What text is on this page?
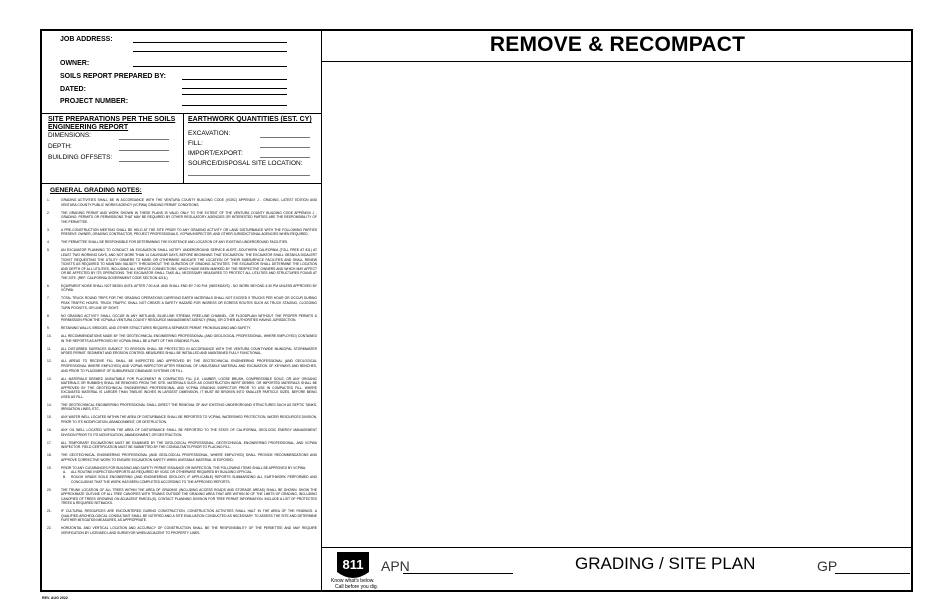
JOB ADDRESS:
OWNER:
SOILS REPORT PREPARED BY:
DATED:
PROJECT NUMBER:
SITE PREPARATIONS PER THE SOILS
ENGINEERING REPORT
DIMENSIONS:
DEPTH:
BUILDING OFFSETS:
EARTHWORK QUANTITIES (EST. CY)
EXCAVATION:
FILL:
IMPORT/EXPORT:
SOURCE/DISPOSAL SITE LOCATION:
REMOVE & RECOMPACT
GENERAL GRADING NOTES:
1.	GRADING ACTIVITIES SHALL BE IN ACCORDANCE WITH THE VENTURA COUNTY BUILDING CODE (VCBC) APPENDIX J - GRADING, LATEST EDITION AND VENTURA COUNTY PUBLIC WORKS AGENCY (VCPWA) GRADING PERMIT CONDITIONS.
2.	THE GRADING PERMIT AND WORK SHOWN IN THESE PLANS IS VALID ONLY TO THE EXTENT OF THE VENTURA COUNTY BUILDING CODE APPENDIX J - GRADING. PERMITS OR PERMISSIONS THAT MAY BE REQUIRED BY OTHER REGULATORY AGENCIES OR INTERESTED PARTIES ARE THE RESPONSIBILITY OF THE PERMITTEE.
3.	A PRE-CONSTRUCTION MEETING SHALL BE HELD AT THE SITE PRIOR TO ANY GRADING ACTIVITY OR LAND DISTURBANCE WITH THE FOLLOWING PARTIES PRESENT: OWNER, GRADING CONTRACTOR, PROJECT PROFESSIONALS, VCPWA INSPECTOR, AND OTHER JURISDICTIONAL AGENCIES WHEN REQUIRED.
4.	THE PERMITTEE SHALL BE RESPONSIBLE FOR DETERMINING THE EXISTENCE AND LOCATION OF ANY EXISTING UNDERGROUND FACILITIES.
5.	AN EXCAVATOR PLANNING TO CONDUCT AN EXCAVATION SHALL NOTIFY UNDERGROUND SERVICE ALERT--SOUTHERN CALIFORNIA (TOLL FREE AT 811) AT LEAST TWO WORKING DAYS, AND NOT MORE THAN 14 CALENDAR DAYS, BEFORE BEGINNING THAT EXCAVATION. THE EXCAVATOR SHALL OBTAIN A DIGALERT TICKET REQUESTING THE UTILITY OWNERS TO MARK OR OTHERWISE INDICATE THE LOCATION OF THEIR SUBSURFACE FACILITIES AND SHALL RENEW TICKETS AS REQUIRED TO MAINTAIN VALIDITY THROUGHOUT THE DURATION OF GRADING ACTIVITIES. THE EXCAVATOR SHALL DETERMINE THE LOCATION AND DEPTH OF ALL UTILITIES, INCLUDING ALL SERVICE CONNECTIONS, WHICH HAVE BEEN MARKED BY THE RESPECTIVE OWNERS AND WHICH MAY AFFECT OR BE AFFECTED BY ITS OPERATIONS. THE EXCAVATOR SHALL TAKE ALL NECESSARY MEASURES TO PROTECT ALL UTILITIES AND STRUCTURES FOUND AT THE SITE. (REF: CALIFORNIA GOVERNMENT CODE SECTION 4216.)
6.	EQUIPMENT NOISE SHALL NOT BEGIN UNTIL AFTER 7:00 A.M. AND SHALL END BY 7:00 P.M. (WEEKDAYS) - NO WORK BEYOND 4:30 PM UNLESS APPROVED BY VCPWA.
7.	TOTAL TRUCK ROUND TRIPS FOR THE GRADING OPERATIONS CARRYING EARTH MATERIALS SHALL NOT EXCEED 5 TRUCKS PER HOUR OR OCCUR DURING PEAK TRAFFIC HOURS. TRUCK TRAFFIC SHALL NOT CREATE A SAFETY HAZARD FOR INGRESS OR EGRESS ROUTES SUCH AS TRUCK STAGING, CLOGGING TURN POCKETS, OR LINE OF SIGHT.
8.	NO GRADING ACTIVITY SHALL OCCUR IN ANY WETLAND, BLUE-LINE STREAM, FREE-LINE CHANNEL, OR FLOODPLAIN WITHOUT THE PROPER PERMITS & PERMISSION FROM THE VCPWA & VENTURA COUNTY RESOURCE MANAGEMENT AGENCY (RMA), OR OTHER AUTHORITIES HAVING JURISDICTION.
9.	RETAINING WALLS, BRIDGES, AND OTHER STRUCTURES REQUIRE A SEPARATE PERMIT FROM BUILDING AND SAFETY.
10.	ALL RECOMMENDATIONS MADE BY THE GEOTECHNICAL ENGINEERING PROFESSIONAL (AND GEOLOGICAL PROFESSIONAL, WHERE EMPLOYED) CONTAINED IN THE REPORTS AS APPROVED BY VCPWA SHALL BE A PART OF THIS GRADING PLAN.
11.	ALL DISTURBED SURFACES SUBJECT TO EROSION SHALL BE PROTECTED IN ACCORDANCE WITH THE VENTURA COUNTYWIDE MUNICIPAL STORMWATER NPDES PERMIT. SEDIMENT AND EROSION CONTROL MEASURES SHALL BE INSTALLED AND MAINTAINED FULLY FUNCTIONAL.
12.	ALL AREAS TO RECEIVE FILL SHALL BE INSPECTED AND APPROVED BY THE GEOTECHNICAL ENGINEERING PROFESSIONAL (AND GEOLOGICAL PROFESSIONAL WHERE EMPLOYED) AND VCPWA INSPECTOR AFTER REMOVAL OF UNSUITABLE MATERIAL AND EXCAVATION OF KEYWAYS AND BENCHES, AND PRIOR TO PLACEMENT OF SUBSURFACE DRAINAGE SYSTEMS OR FILL.
13.	ALL MATERIALS DEEMED UNSUITABLE FOR PLACEMENT IN COMPACTED FILL (I.E. LUMBER, LOOSE BRUSH, COMPRESSIBLE SOILS, OR ANY ORGANIC MATERIALS OR RUBBISH) SHALL BE REMOVED FROM THE SITE. MATERIALS SUCH AS CONSTRUCTION INERT DEBRIS, OR IMPORTED MATERIALS SHALL BE APPROVED BY THE GEOTECHNICAL ENGINEERING PROFESSIONAL AND VCPWA GRADING INSPECTOR PRIOR TO USE IN COMPACTED FILL. WHERE EXCAVATED MATERIAL IS LARGER THAN TWELVE INCHES IN LARGEST DIMENSION, IT MUST BE BROKEN INTO SMALLER PARTICLE SIZES, BEFORE BEING USED AS FILL.
14.	THE GEOTECHNICAL ENGINEERING PROFESSIONAL SHALL DIRECT THE REMOVAL OF ANY EXISTING UNDERGROUND STRUCTURES SUCH AS SEPTIC TANKS, IRRIGATION LINES, ETC.
15.	ANY WATER WELL LOCATED WITHIN THE AREA OF DISTURBANCE SHALL BE REPORTED TO VCPWA, WATERSHED PROTECTION, WATER RESOURCES DIVISION, PRIOR TO ITS MODIFICATION, ABANDONMENT, OR DESTRUCTION.
16.	ANY OIL WELL LOCATED WITHIN THE AREA OF DISTURBANCE SHALL BE REPORTED TO THE STATE OF CALIFORNIA, GEOLOGIC ENERGY MANAGEMENT DIVISION PRIOR TO ITS MODIFICATION, ABANDONMENT, OR DESTRUCTION.
17.	ALL TEMPORARY EXCAVATIONS MUST BE EXAMINED BY THE GEOLOGICAL PROFESSIONAL, GEOTECHNICAL ENGINEERING PROFESSIONAL, AND VCPWA INSPECTOR. FIELD CERTIFICATION MUST BE SUBMITTED BY THE CONSULTANTS PRIOR TO PLACING FILL.
18.	THE GEOTECHNICAL ENGINEERING PROFESSIONAL (AND GEOLOGICAL PROFESSIONAL, WHERE EMPLOYED) SHALL PROVIDE RECOMMENDATIONS AND APPROVE CORRECTIVE WORK TO ENSURE EXCAVATION SAFETY WHEN UNSTABLE MATERIAL IS EXPOSED.
19.	PRIOR TO ANY CLEARANCES FOR BUILDING AND SAFETY PERMIT ISSUANCE OR INSPECTION, THE FOLLOWING ITEMS SHALL BE APPROVED BY VCPWA:
A. ALL ROUTINE INSPECTION REPORTS AS REQUIRED BY VCBC OR OTHERWISE REQUIRED BY BUILDING OFFICIAL.
B. ROUGH GRADE SOILS ENGINEERING (AND ENGINEERING GEOLOGY, IF APPLICABLE) REPORTS SUMMARIZING ALL EARTHWORK PERFORMED AND CONCLUDING THAT THE WORK HAS BEEN COMPLETED ACCORDING TO THE APPROVED REPORTS.
20.	THE TRUNK LOCATION OF ALL TREES WITHIN THE AREA OF GRADING (INCLUDING ACCESS ROADS AND STORAGE AREAS) SHALL BE SHOWN. SHOW THE APPROXIMATE OUTLINE OF ALL TREE CANOPIES WITH TRUNKS OUTSIDE THE GRADING AREA THAT ARE WITHIN 50 OF THE LIMITS OF GRADING, INCLUDING CANOPIES OF TREES GROWING ON ADJACENT PARCEL(S). CONTACT PLANNING DIVISION FOR TREE PERMIT INFORMATION. INCLUDE A LIST OF PROTECTED TREES & REQUIRED SETBACKS.
21.	IF CULTURAL RESOURCES ARE ENCOUNTERED DURING CONSTRUCTION, CONSTRUCTION ACTIVITIES SHALL HALT IN THE AREA OF THE FINDINGS. A QUALIFIED ARCHEOLOGICAL CONSULTANT SHALL BE NOTIFIED AND A SITE EVALUATION CONDUCTED AS NECESSARY TO ASSESS THE SITE AND DETERMINE FURTHER MITIGATION MEASURES, AS APPROPRIATE.
22.	HORIZONTAL AND VERTICAL LOCATION AND ACCURACY OF CONSTRUCTION SHALL BE THE RESPONSIBILITY OF THE PERMITTEE AND MAY REQUIRE VERIFICATION BY LICENSED LAND SURVEYOR WHEN ADJACENT TO PROPERTY LINES.
811
Know what's below.
Call before you dig.
APN	GRADING / SITE PLAN	GP
REV. AUG 2022
